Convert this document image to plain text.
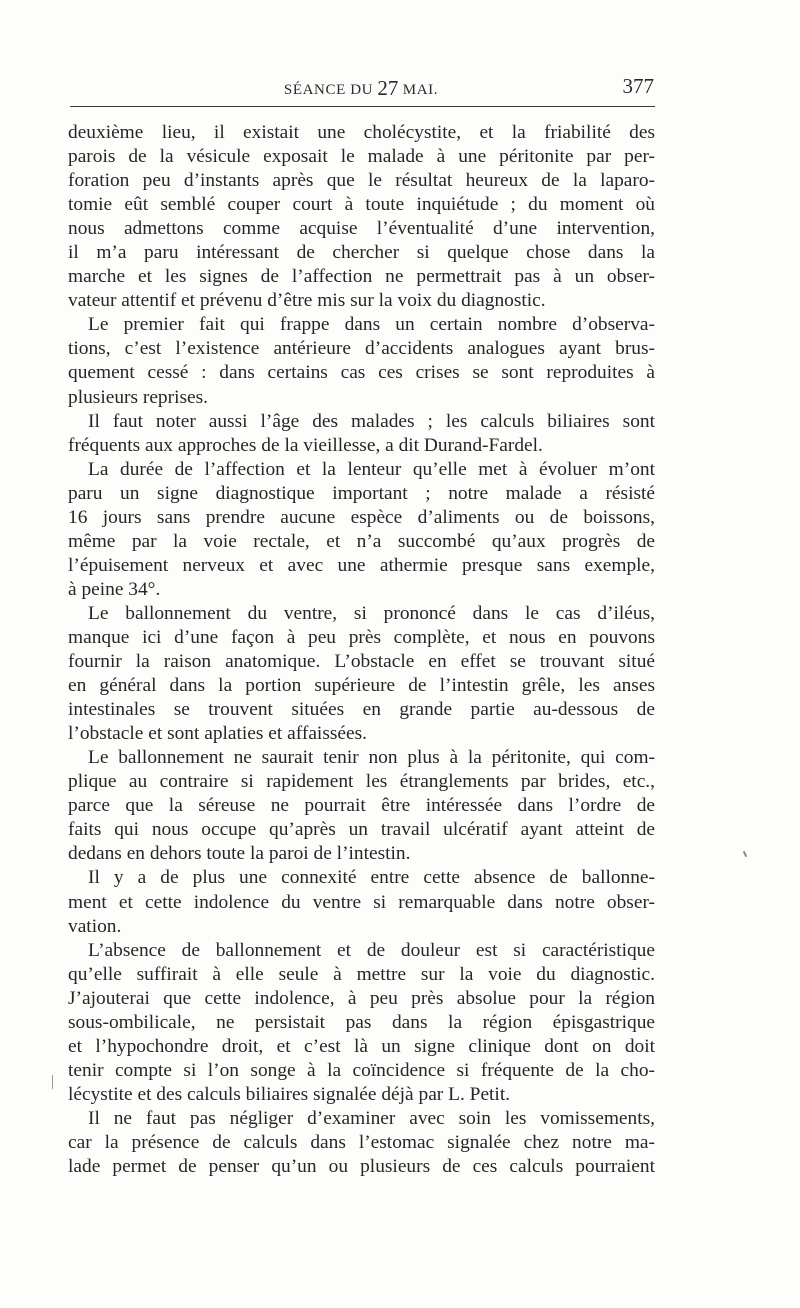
SÉANCE DU 27 MAI.	377
deuxième lieu, il existait une cholécystite, et la friabilité des
parois de la vésicule exposait le malade à une péritonite par per-
foration peu d’instants après que le résultat heureux de la laparo-
tomie eût semblé couper court à toute inquiétude ; du moment où
nous admettons comme acquise l’éventualité d’une intervention,
il m’a paru intéressant de chercher si quelque chose dans la
marche et les signes de l’affection ne permettrait pas à un obser-
vateur attentif et prévenu d’être mis sur la voix du diagnostic.
Le premier fait qui frappe dans un certain nombre d’observa-
tions, c’est l’existence antérieure d’accidents analogues ayant brus-
quement cessé : dans certains cas ces crises se sont reproduites à
plusieurs reprises.
Il faut noter aussi l’âge des malades ; les calculs biliaires sont
fréquents aux approches de la vieillesse, a dit Durand-Fardel.
La durée de l’affection et la lenteur qu’elle met à évoluer m’ont
paru un signe diagnostique important ; notre malade a résisté
16 jours sans prendre aucune espèce d’aliments ou de boissons,
même par la voie rectale, et n’a succombé qu’aux progrès de
l’épuisement nerveux et avec une athermie presque sans exemple,
à peine 34°.
Le ballonnement du ventre, si prononcé dans le cas d’iléus,
manque ici d’une façon à peu près complète, et nous en pouvons
fournir la raison anatomique. L’obstacle en effet se trouvant situé
en général dans la portion supérieure de l’intestin grêle, les anses
intestinales se trouvent situées en grande partie au-dessous de
l’obstacle et sont aplaties et affaissées.
Le ballonnement ne saurait tenir non plus à la péritonite, qui com-
plique au contraire si rapidement les étranglements par brides, etc.,
parce que la séreuse ne pourrait être intéressée dans l’ordre de
faits qui nous occupe qu’après un travail ulcératif ayant atteint de
dedans en dehors toute la paroi de l’intestin.
Il y a de plus une connexité entre cette absence de ballonne-
ment et cette indolence du ventre si remarquable dans notre obser-
vation.
L’absence de ballonnement et de douleur est si caractéristique
qu’elle suffirait à elle seule à mettre sur la voie du diagnostic.
J’ajouterai que cette indolence, à peu près absolue pour la région
sous-ombilicale, ne persistait pas dans la région épisgastrique
et l’hypochondre droit, et c’est là un signe clinique dont on doit
tenir compte si l’on songe à la coïncidence si fréquente de la cho-
lécystite et des calculs biliaires signalée déjà par L. Petit.
Il ne faut pas négliger d’examiner avec soin les vomissements,
car la présence de calculs dans l’estomac signalée chez notre ma-
lade permet de penser qu’un ou plusieurs de ces calculs pourraient
